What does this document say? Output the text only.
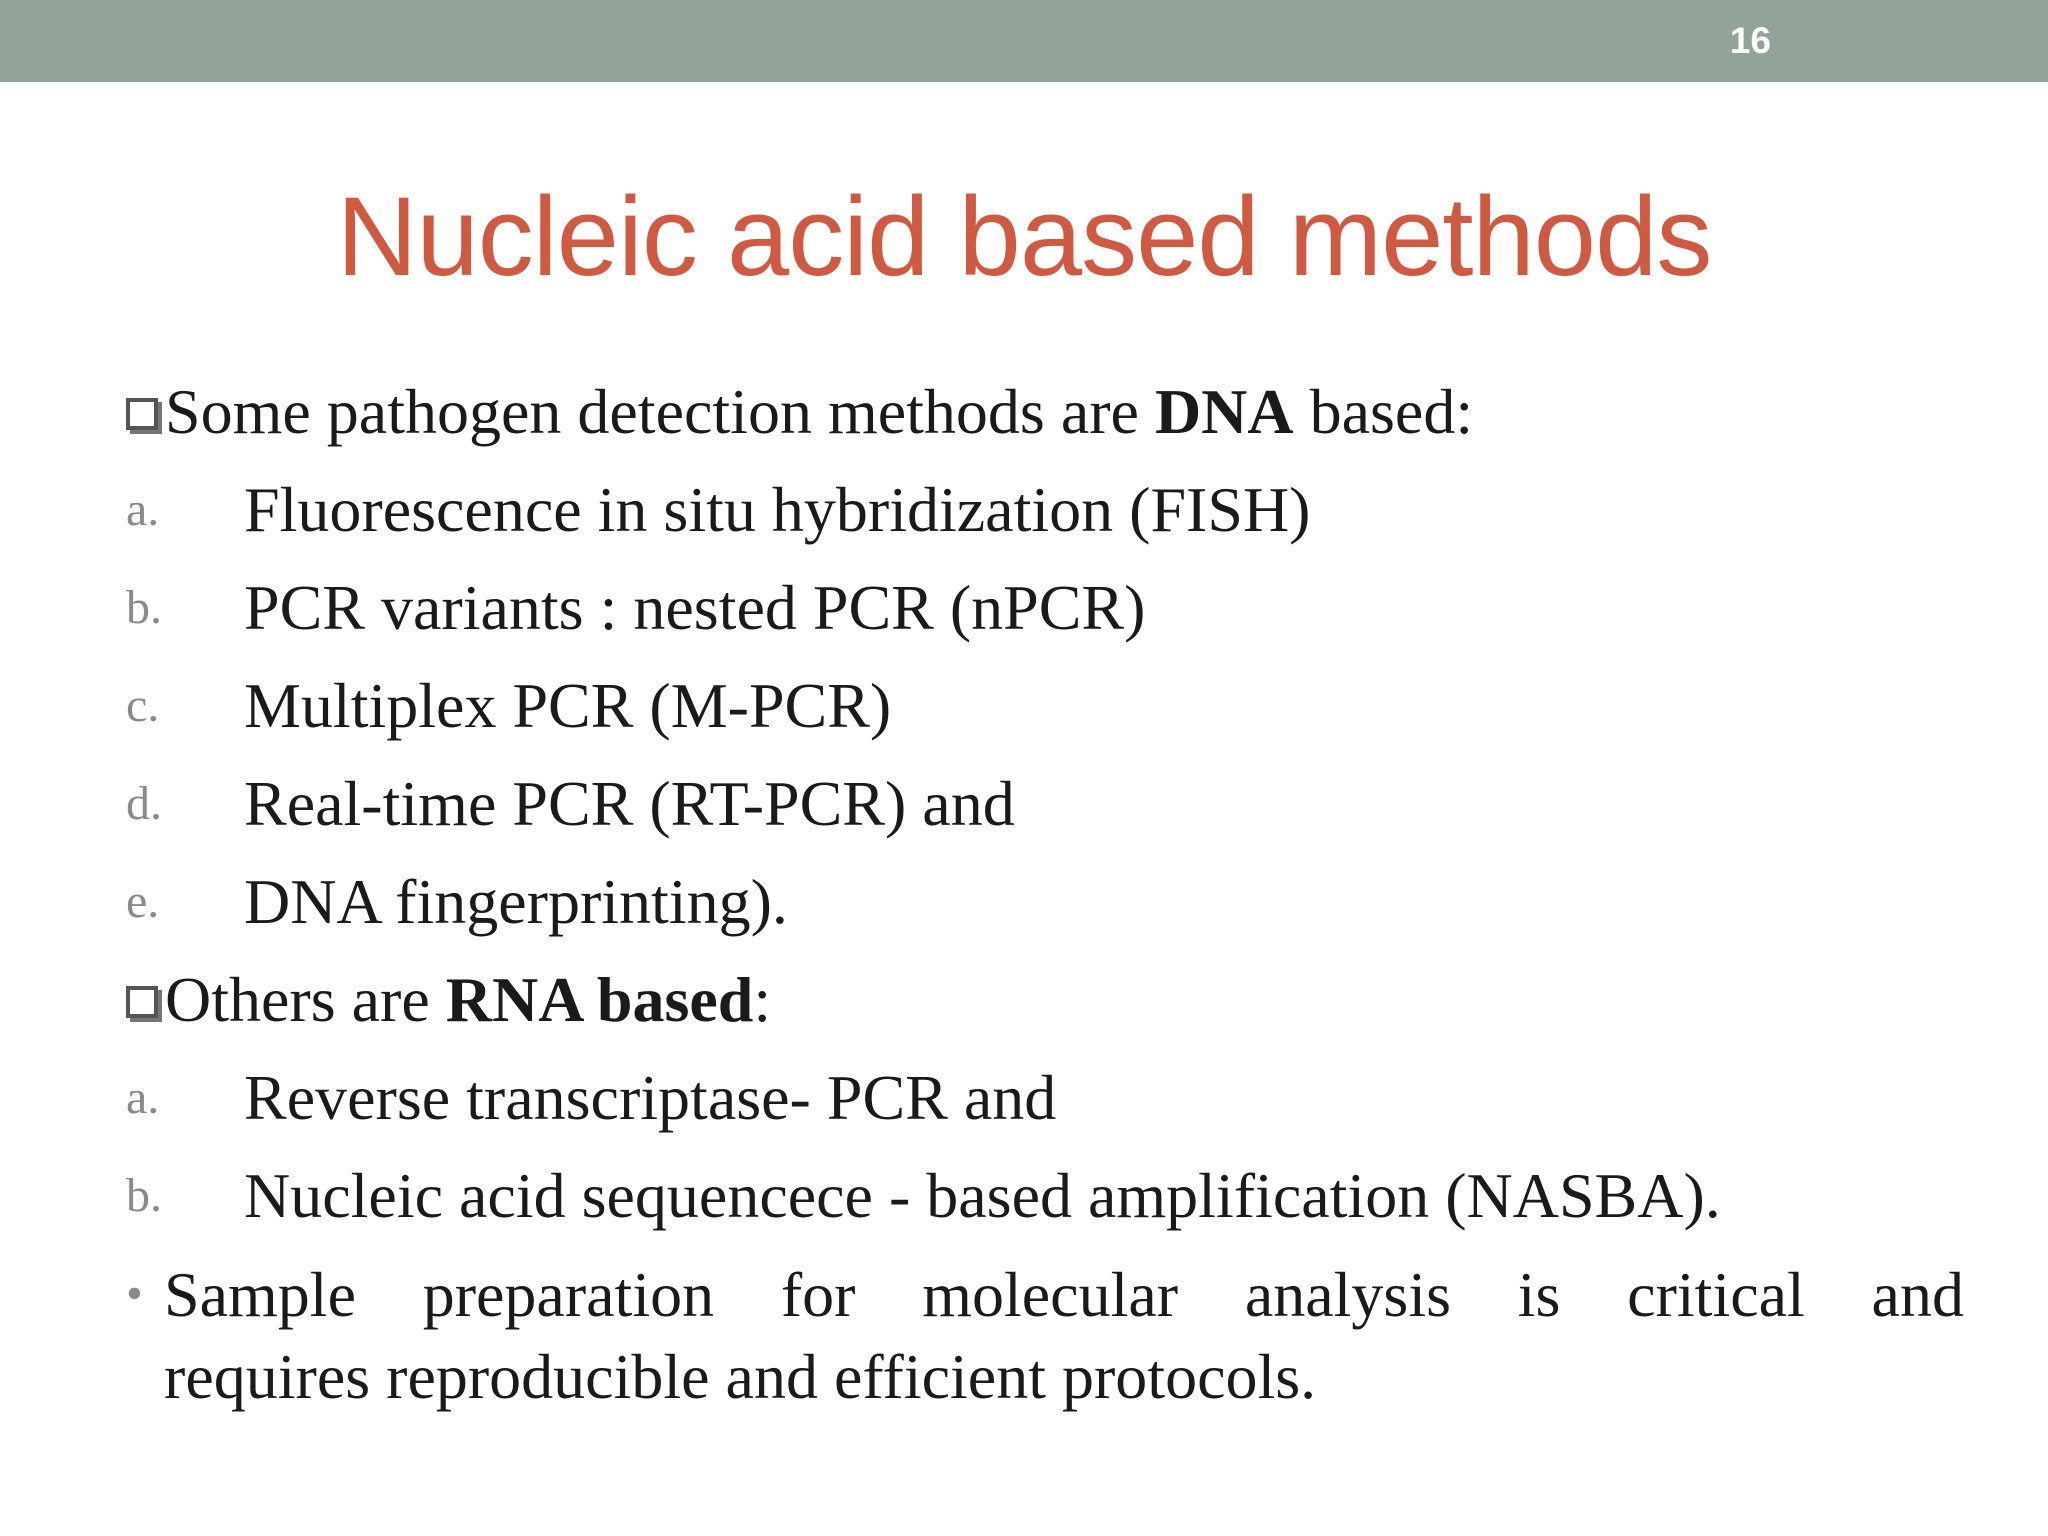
16
Nucleic acid based methods
Some pathogen detection methods are DNA based:
a. Fluorescence in situ hybridization (FISH)
b. PCR variants : nested PCR (nPCR)
c. Multiplex PCR (M-PCR)
d. Real-time PCR (RT-PCR) and
e. DNA fingerprinting).
Others are RNA based:
a. Reverse transcriptase- PCR and
b. Nucleic acid sequencece - based amplification (NASBA).
• Sample preparation for molecular analysis is critical and
requires reproducible and efficient protocols.
